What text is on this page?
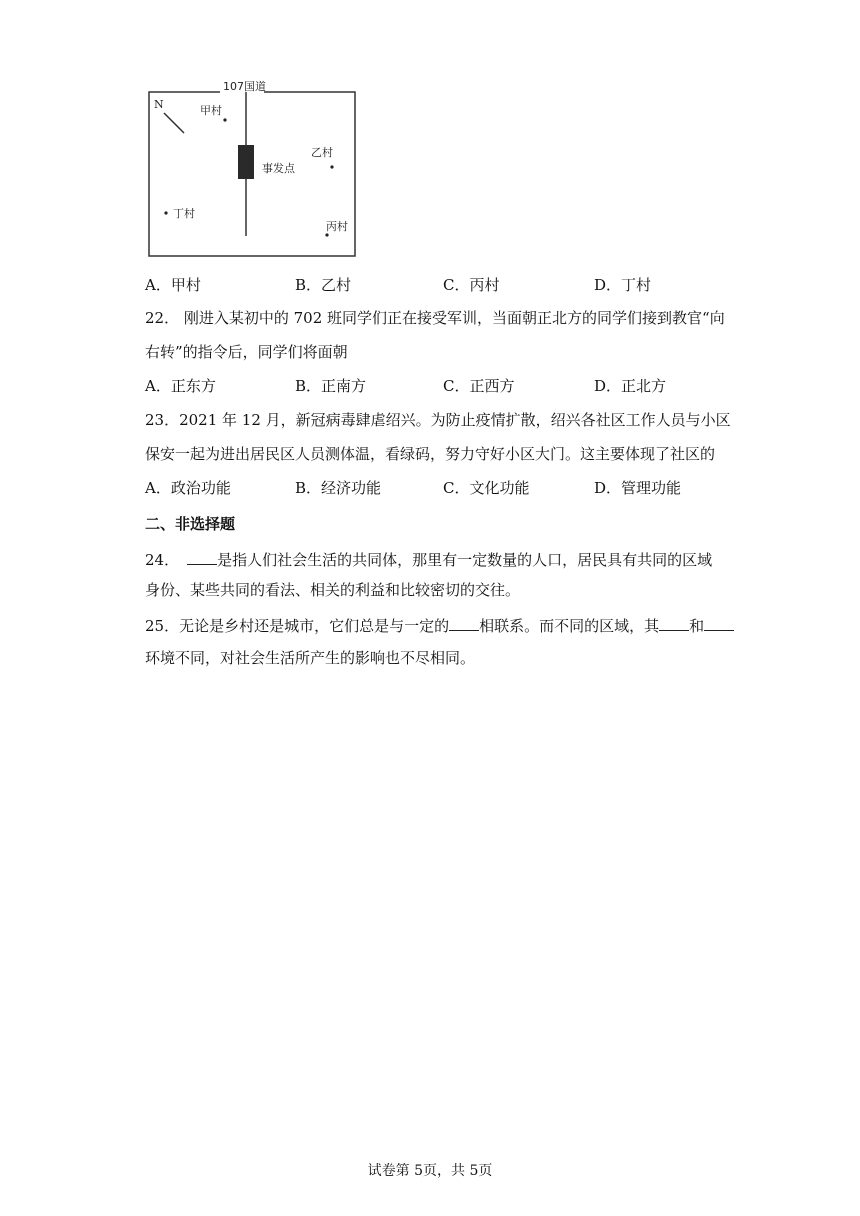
107国道
N
事发点
甲村
乙村
丙村
丁村
A．甲村	B．乙村	C．丙村	D．丁村
22． 刚进入某初中的 702 班同学们正在接受军训，当面朝正北方的同学们接到教官“向
右转”的指令后，同学们将面朝
A．正东方	B．正南方	C．正西方	D．正北方
23．2021 年 12 月，新冠病毒肆虐绍兴。为防止疫情扩散，绍兴各社区工作人员与小区
保安一起为进出居民区人员测体温，看绿码，努力守好小区大门。这主要体现了社区的
A．政治功能	B．经济功能	C．文化功能	D．管理功能
二、非选择题
24．	是指人们社会生活的共同体，那里有一定数量的人口，居民具有共同的区域
身份、某些共同的看法、相关的利益和比较密切的交往。
25．无论是乡村还是城市，它们总是与一定的 相联系。而不同的区域，其 和
环境不同，对社会生活所产生的影响也不尽相同。
试卷第 5页，共 5页
